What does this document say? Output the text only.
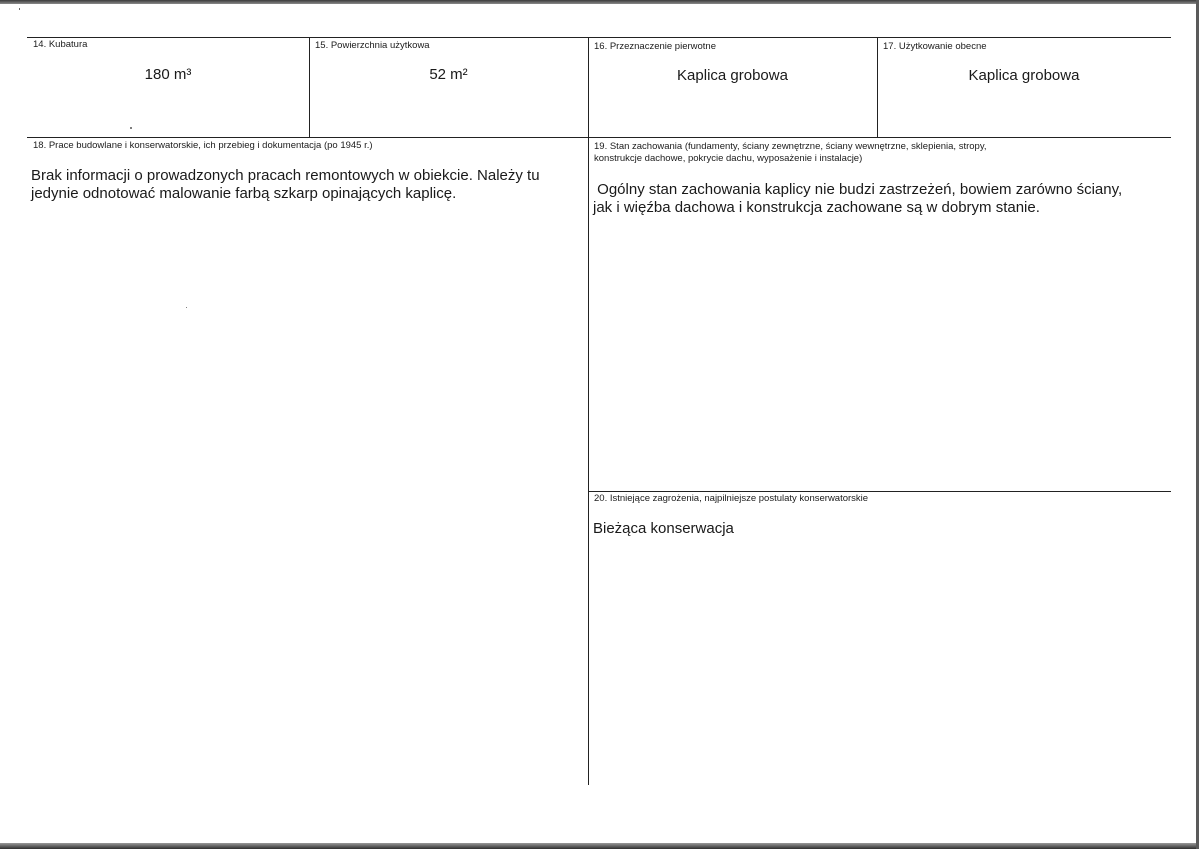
14. Kubatura
180 m³
15. Powierzchnia użytkowa
52 m²
16. Przeznaczenie pierwotne
Kaplica grobowa
17. Użytkowanie obecne
Kaplica grobowa
18. Prace budowlane i konserwatorskie, ich przebieg i dokumentacja (po 1945 r.)
Brak informacji o prowadzonych pracach remontowych w obiekcie. Należy tu
jedynie odnotować malowanie farbą szkarp opinających kaplicę.
19. Stan zachowania (fundamenty, ściany zewnętrzne, ściany wewnętrzne, sklepienia, stropy,
konstrukcje dachowe, pokrycie dachu, wyposażenie i instalacje)
Ogólny stan zachowania kaplicy nie budzi zastrzeżeń, bowiem zarówno ściany,
jak i więźba dachowa i konstrukcja zachowane są w dobrym stanie.
20. Istniejące zagrożenia, najpilniejsze postulaty konserwatorskie
Bieżąca konserwacja
